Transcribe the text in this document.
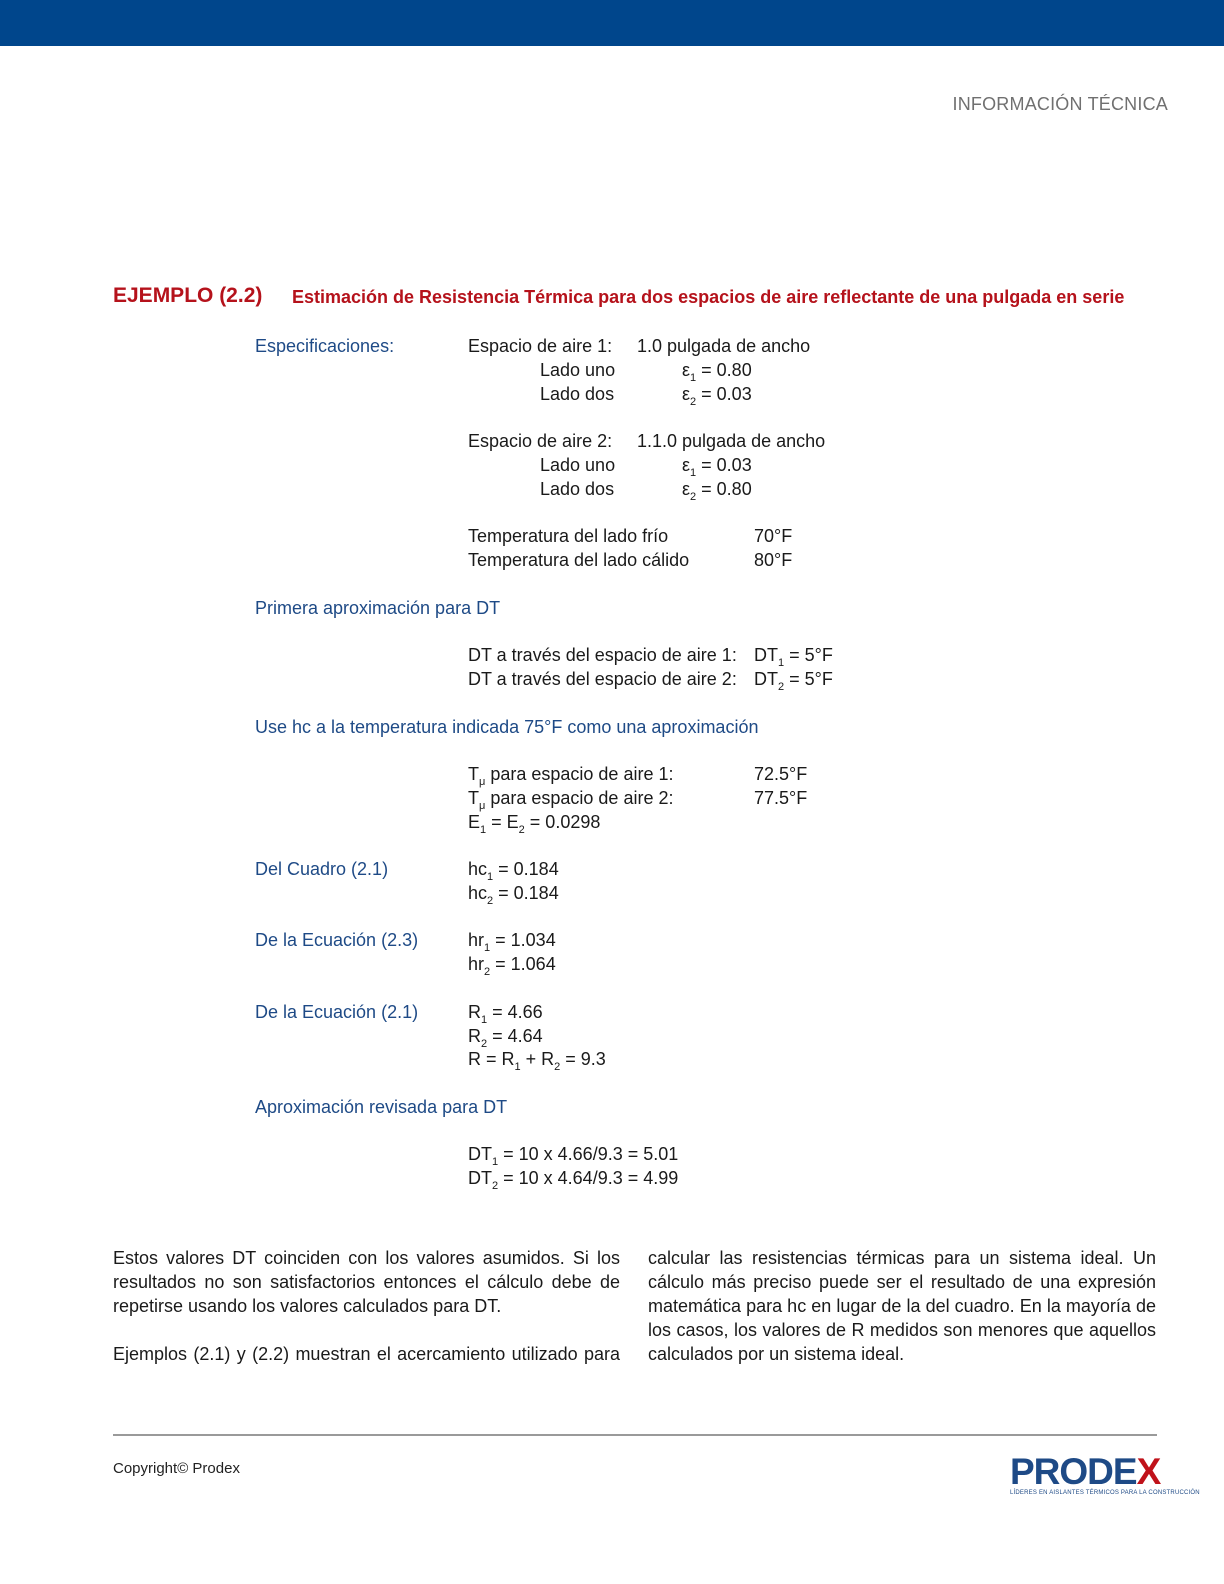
INFORMACIÓN TÉCNICA
EJEMPLO (2.2) Estimación de Resistencia Térmica para dos espacios de aire reflectante de una pulgada en serie
Especificaciones:	Espacio de aire 1: 1.0 pulgada de ancho
Lado uno	$\varepsilon_1 = 0.80$
Lado dos	$\varepsilon_2 = 0.03$
Espacio de aire 2: 1.1.0 pulgada de ancho
Lado uno	$\varepsilon_1 = 0.03$
Lado dos	$\varepsilon_2 = 0.80$
Temperatura del lado frío	70°F
Temperatura del lado cálido	80°F
Primera aproximación para DT
DT a través del espacio de aire 1: $DT_1 = 5^\circ F$
DT a través del espacio de aire 2: $DT_2 = 5^\circ F$
Use hc a la temperatura indicada 75°F como una aproximación
$T_\mu$ para espacio de aire 1:	72.5°F
$T_\mu$ para espacio de aire 2:	77.5°F
$E_1 = E_2 = 0.0298$
Del Cuadro (2.1)	$hc_1 = 0.184$
$hc_2 = 0.184$
De la Ecuación (2.3)	$hr_1 = 1.034$
$hr_2 = 1.064$
De la Ecuación (2.1)	$R_1 = 4.66$
$R_2 = 4.64$
$R = R_1 + R_2 = 9.3$
Aproximación revisada para DT
$DT_1 = 10$ x 4.66/9.3 = 5.01
$DT_2 = 10$ x 4.64/9.3 = 4.99
Estos valores DT coinciden con los valores asumidos. Si los resultados no son satisfactorios entonces el cálculo debe de repetirse usando los valores calculados para DT.
Ejemplos (2.1) y (2.2) muestran el acercamiento utilizado para
calcular las resistencias térmicas para un sistema ideal. Un cálculo más preciso puede ser el resultado de una expresión matemática para hc en lugar de la del cuadro. En la mayoría de los casos, los valores de R medidos son menores que aquellos calculados por un sistema ideal.
Copyright© Prodex	PRODEX
LÍDERES EN AISLANTES TÉRMICOS PARA LA CONSTRUCCIÓN
